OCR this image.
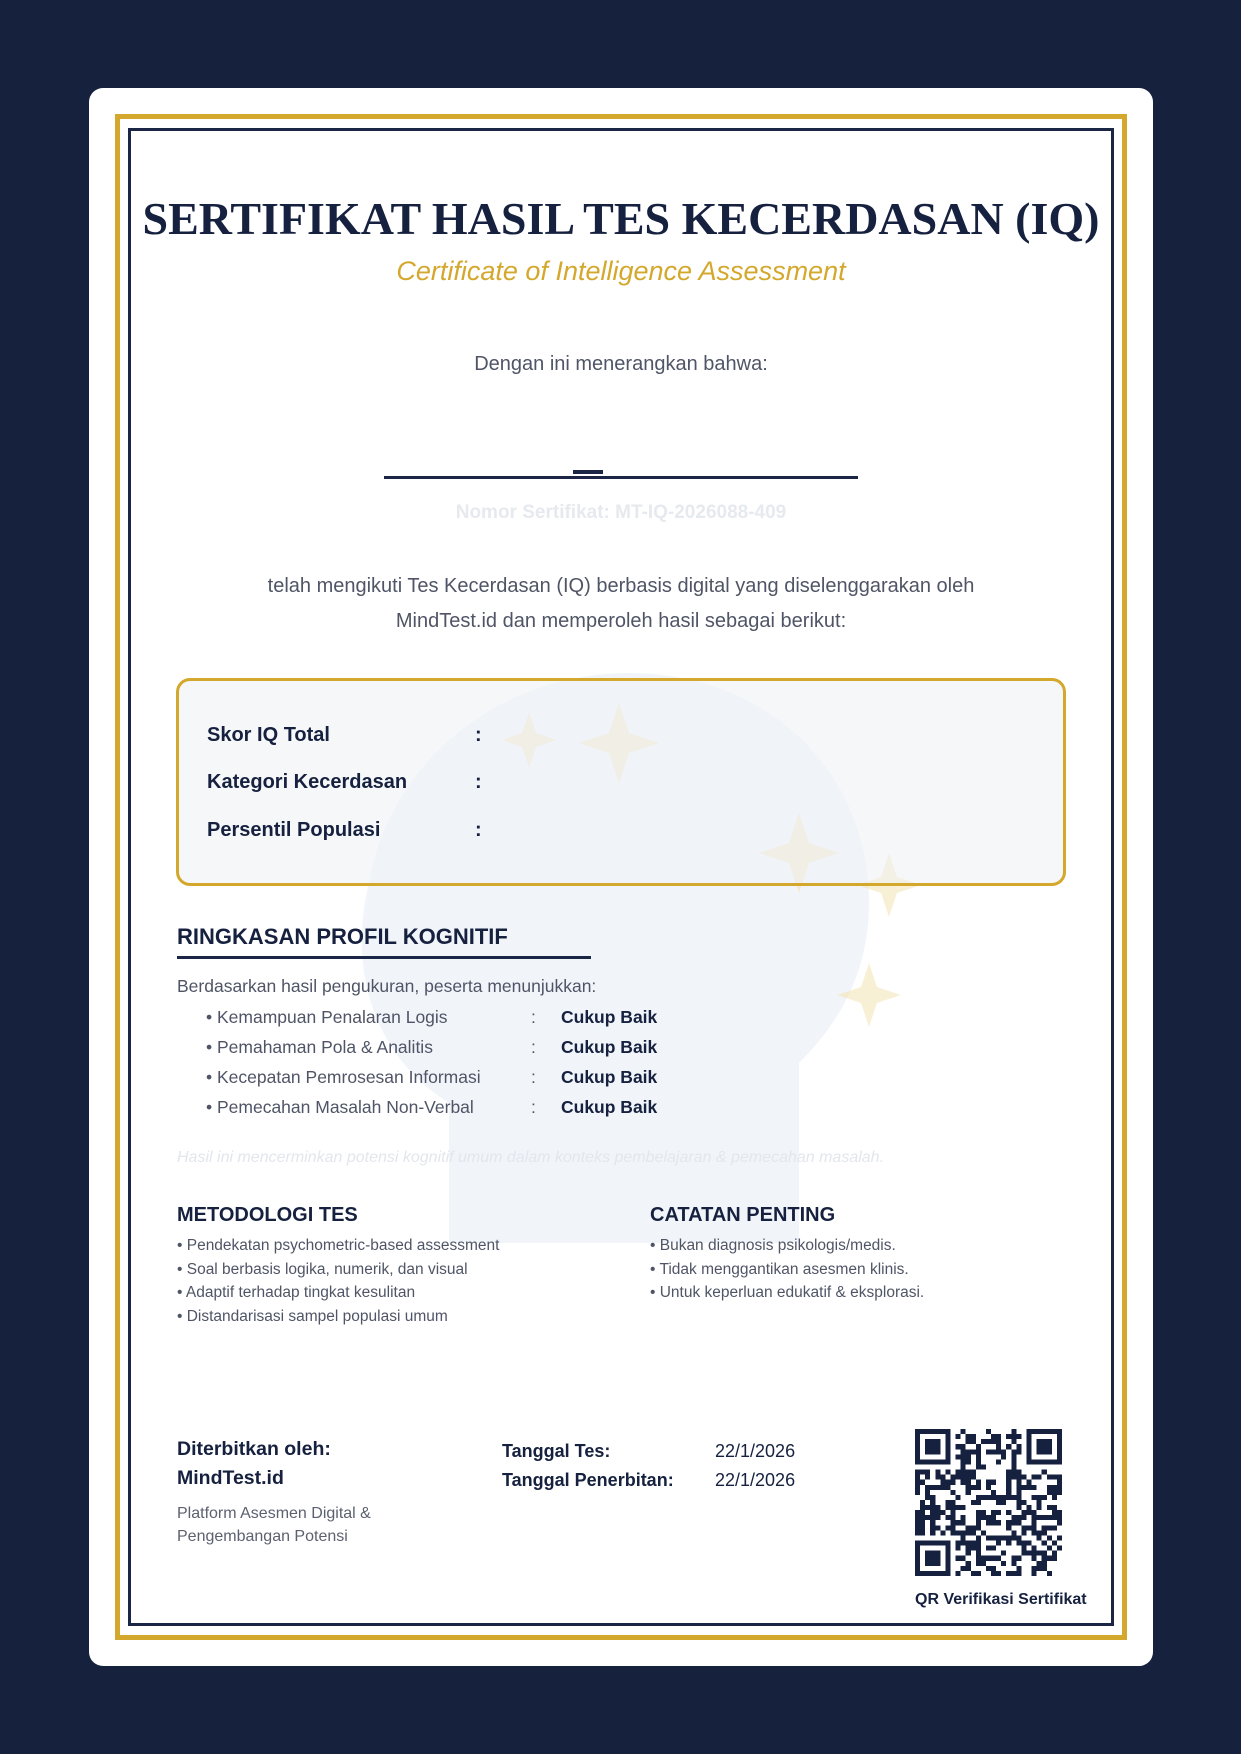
SERTIFIKAT HASIL TES KECERDASAN (IQ)
Certificate of Intelligence Assessment
Dengan ini menerangkan bahwa:
Nomor Sertifikat: MT-IQ-2026088-409
telah mengikuti Tes Kecerdasan (IQ) berbasis digital yang diselenggarakan oleh
MindTest.id dan memperoleh hasil sebagai berikut:
Skor IQ Total	:
Kategori Kecerdasan	:
Persentil Populasi	:
RINGKASAN PROFIL KOGNITIF
Berdasarkan hasil pengukuran, peserta menunjukkan:
• Kemampuan Penalaran Logis	: Cukup Baik
• Pemahaman Pola & Analitis	: Cukup Baik
• Kecepatan Pemrosesan Informasi	: Cukup Baik
• Pemecahan Masalah Non-Verbal	: Cukup Baik
Hasil ini mencerminkan potensi kognitif umum dalam konteks pembelajaran & pemecahan masalah.
METODOLOGI TES
• Pendekatan psychometric-based assessment
• Soal berbasis logika, numerik, dan visual
• Adaptif terhadap tingkat kesulitan
• Distandarisasi sampel populasi umum
CATATAN PENTING
• Bukan diagnosis psikologis/medis.
• Tidak menggantikan asesmen klinis.
• Untuk keperluan edukatif & eksplorasi.
Diterbitkan oleh:
MindTest.id
Platform Asesmen Digital &
Pengembangan Potensi
Tanggal Tes:	22/1/2026
Tanggal Penerbitan: 22/1/2026
QR Verifikasi Sertifikat
